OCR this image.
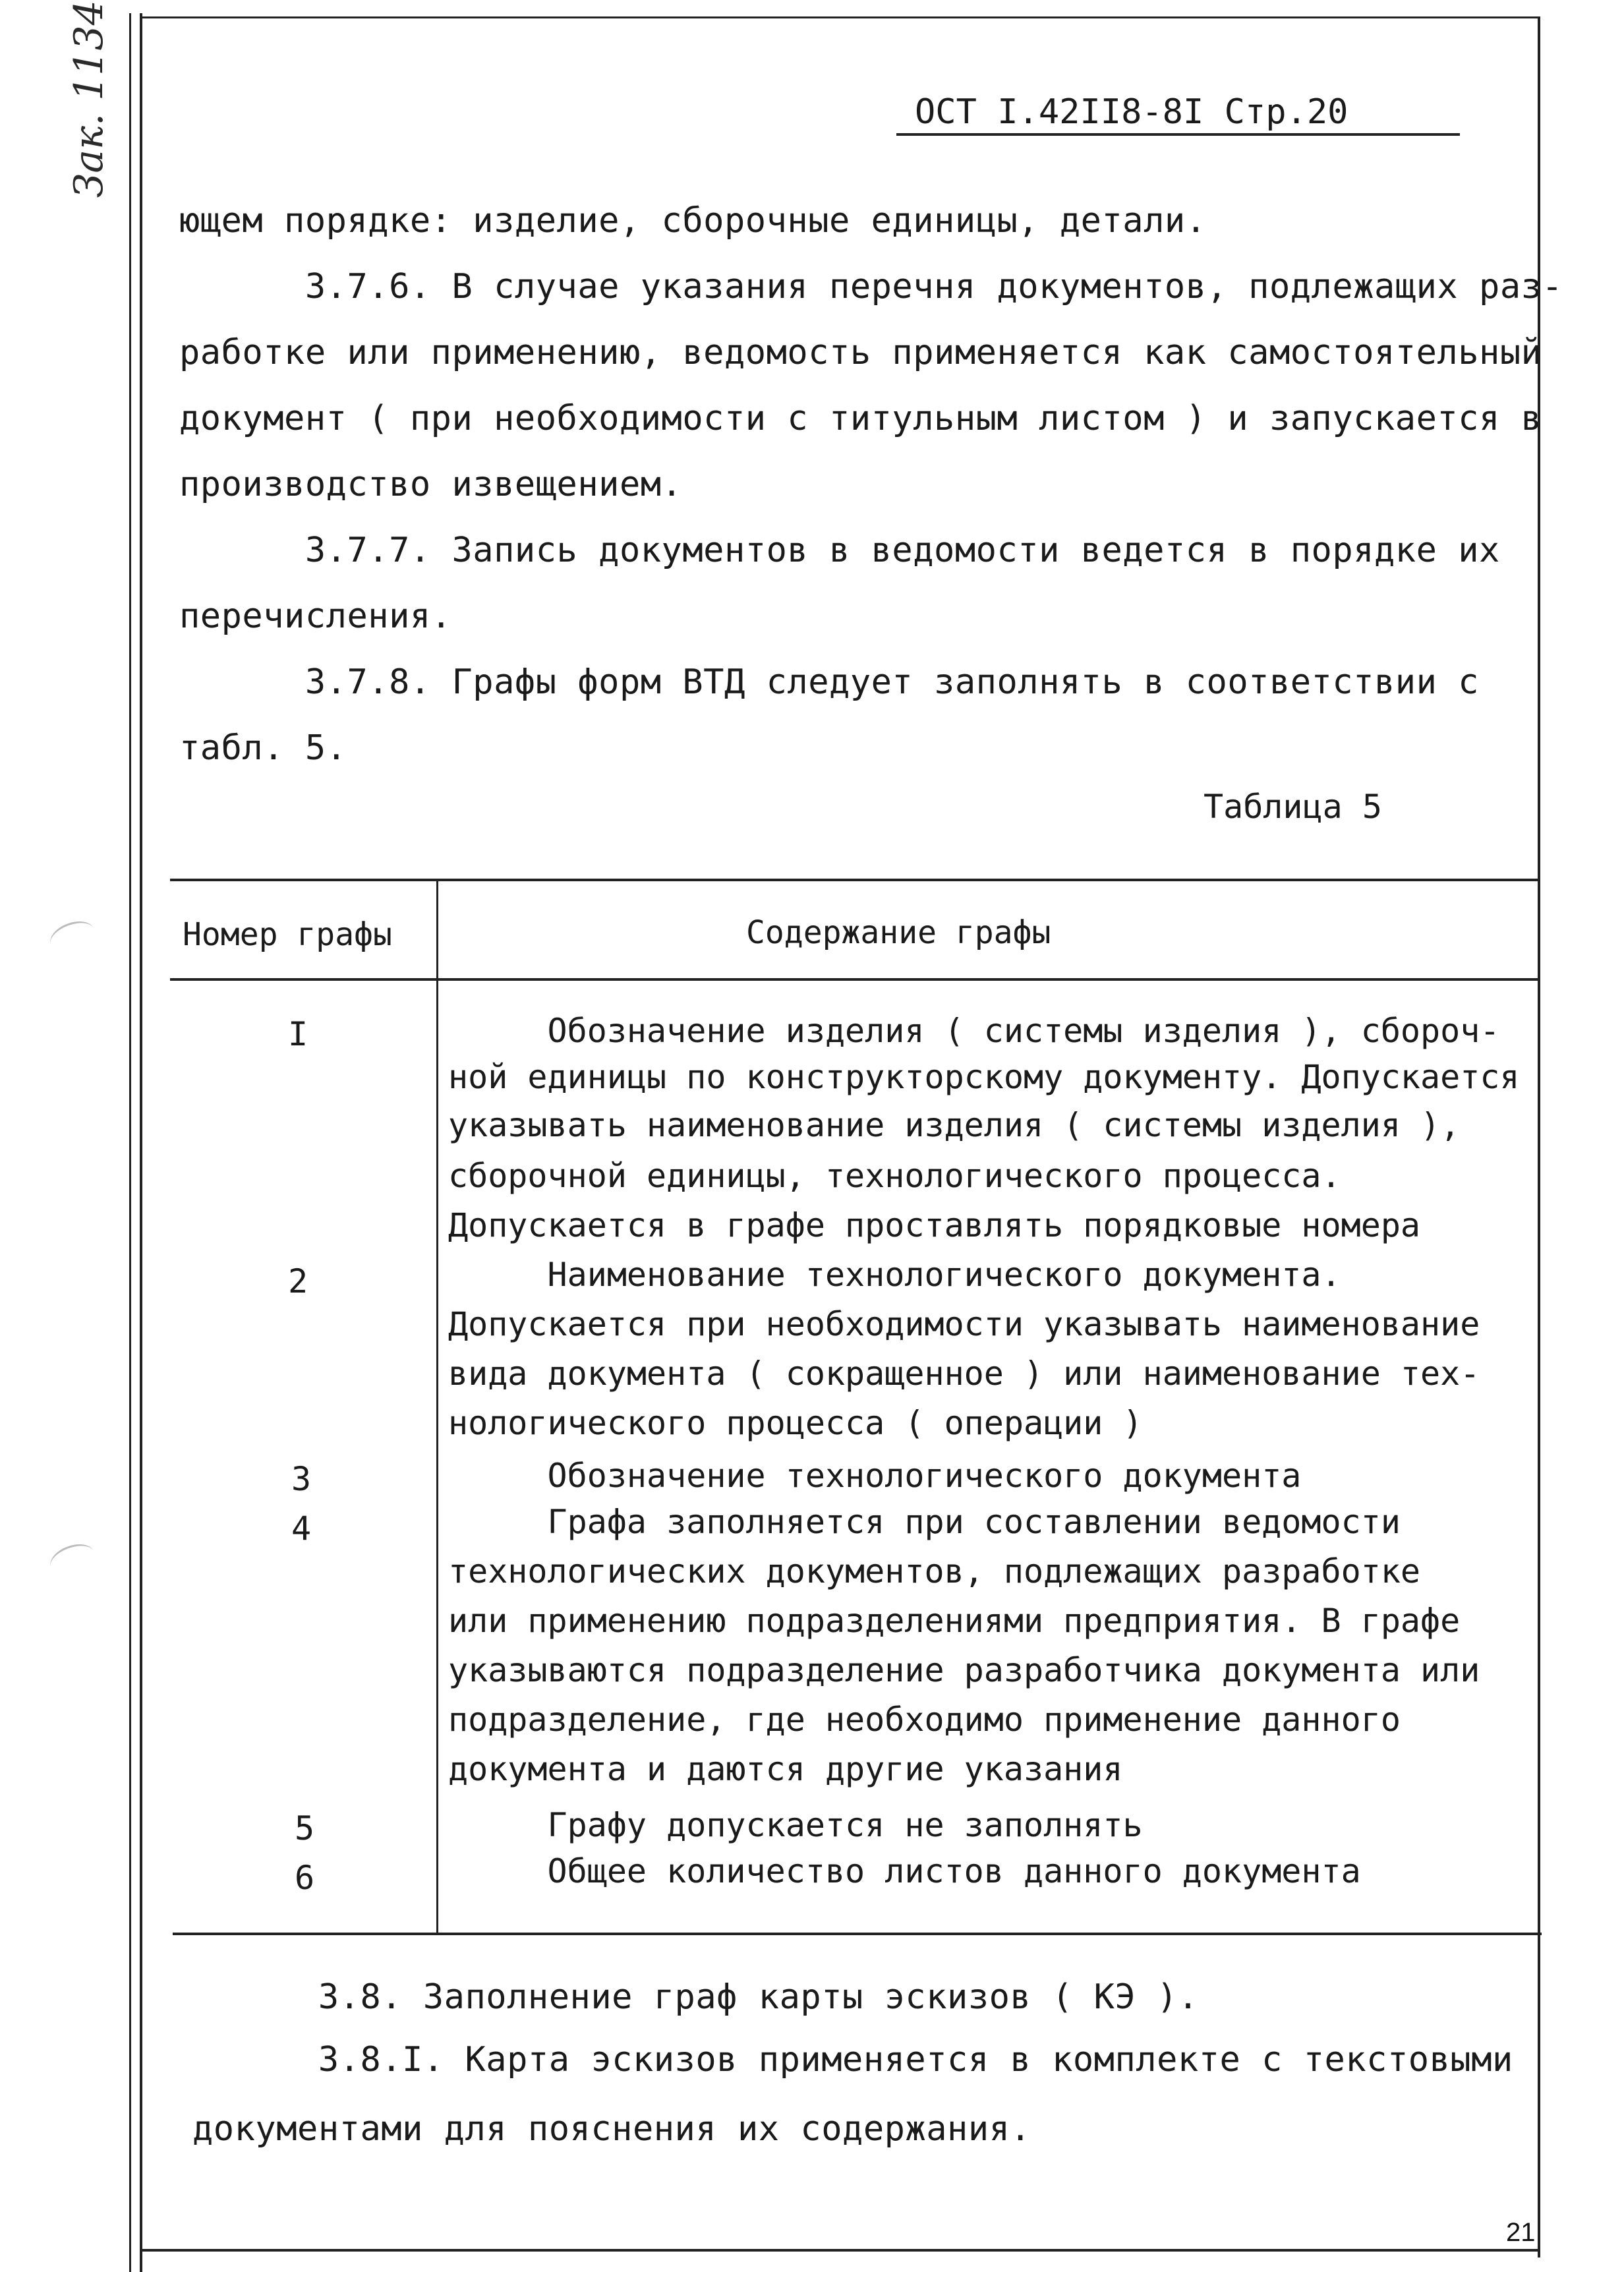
Зак. 1134	ОСТ I.42II8-8I Стр.20
ющем порядке: изделие, сборочные единицы, детали.
3.7.6. В случае указания перечня документов, подлежащих раз-
работке или применению, ведомость применяется как самостоятельный
документ ( при необходимости с титульным листом ) и запускается в
производство извещением.
3.7.7. Запись документов в ведомости ведется в порядке их
перечисления.
3.7.8. Графы форм ВТД следует заполнять в соответствии с
табл. 5.
Таблица 5
Номер графы	Содержание графы
I	Обозначение изделия ( системы изделия ), сбороч-
ной единицы по конструкторскому документу. Допускается
указывать наименование изделия ( системы изделия ),
сборочной единицы, технологического процесса.
Допускается в графе проставлять порядковые номера
2	Наименование технологического документа.
Допускается при необходимости указывать наименование
вида документа ( сокращенное ) или наименование тех-
нологического процесса ( операции )
3	Обозначение технологического документа
4	Графа заполняется при составлении ведомости
технологических документов, подлежащих разработке
или применению подразделениями предприятия. В графе
указываются подразделение разработчика документа или
подразделение, где необходимо применение данного
документа и даются другие указания
5	Графу допускается не заполнять
6	Общее количество листов данного документа
3.8. Заполнение граф карты эскизов ( КЭ ).
3.8.I. Карта эскизов применяется в комплекте с текстовыми
документами для пояснения их содержания.
21
